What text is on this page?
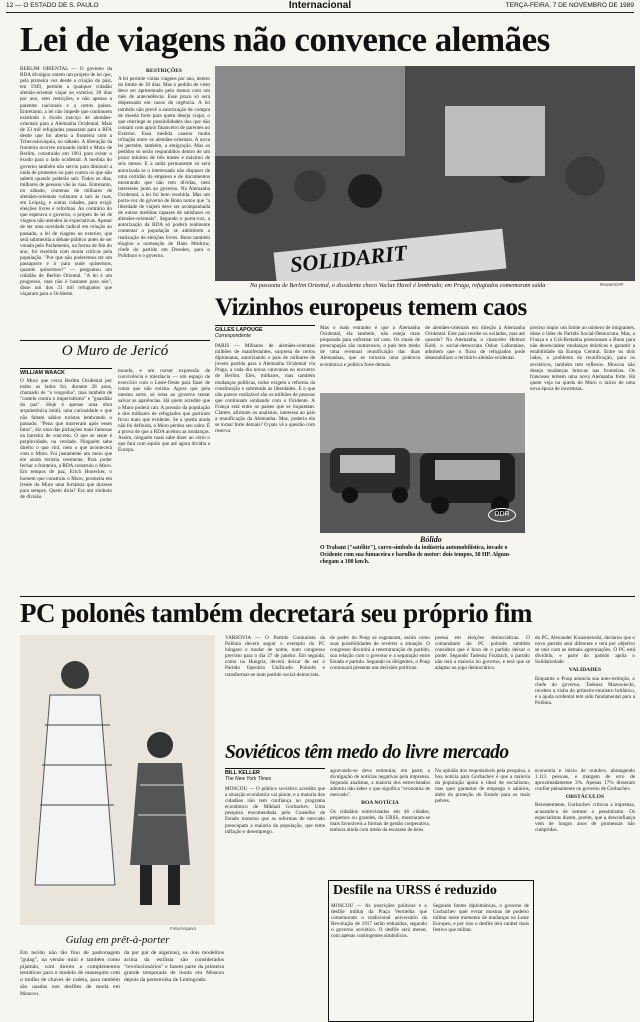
12 — O ESTADO DE S. PAULO	Internacional	TERÇA-FEIRA, 7 DE NOVEMBRO DE 1989
Lei de viagens não convence alemães
BERLIM ORIENTAL — O governo da RDA divulgou ontem um projeto de lei que, pela primeira vez desde a criação do país, em 1949, permite a qualquer cidadão alemão-oriental viajar ao exterior, 30 dias por ano, sem restrições, e não apenas a parentes nacionais e a certos países. Entretanto, a lei não impede que continuem existindo o êxodo maciço de alemães-orientais para a Alemanha Ocidental. Mais de 23 mil refugiados passaram para a RFA desde que foi aberta a fronteira com a Tchecoslováquia, no sábado. A liberação da fronteira ocorreu tornando inútil o Muro de Berlim, construído em 1961 para evitar o êxodo para o lado ocidental. A medida do governo também não serviu para diminuir a onda de protestos no país contra os que não sabem quando poderão sair. Todos os dias, milhares de pessoas vão às ruas. Entretanto, no sábado, centenas de milhares de alemães-orientais voltaram a sair às ruas, em Leipzig, e outras cidades, para exigir eleições livres e reformas. Ao contrário do que esperava o governo, o projeto de lei de viagens não atendeu às expectativas. Apesar de ser uma novidade radical em relação ao passado, a lei de viagens ao exterior, que será submetida a debate público antes de ser votada pelo Parlamento, na forma de fim do ano, foi recebida com muita críticas pela população. "Por que não poderemos ter um passaporte e ir para onde quisermos, quando quisermos?" — perguntou um cidadão de Berlim Oriental. "A lei é um progresso, mas não é bastante para nós", disse um dos 21 mil refugiados que viajaram para o Ocidente.
RESTRIÇÕES
A lei permite várias viagens por ano, dentro do limite de 30 dias. Mas o pedido de visto deve ser apresentado pelo menos com um mês de antecedência. Esse prazo só será dispensado em casos de urgência. A lei também não prevê a autorização de compra de moeda forte para quem deseja viajar, o que restringe as possibilidades dos que não contam com apoio financeiro de parentes no Exterior. Essa medida causou muita irritação entre os alemães-orientais. A nova lei permite, também, a emigração. Mas os pedidos só serão respondidos dentro de um prazo mínimo de três meses e máximo de seis meses. E a saída permanente só será autorizada se o interessado não dispuser de uma certidão da empresa e de documentos mostrando que não tem dívidas, nem interesses junto ao governo. Na Alemanha Ocidental, a lei foi bem recebida. Mas um porta-voz do governo de Bonn notou que "a liberdade de viajem deve ser acompanhada de outras medidas capazes de satisfazer os alemães-orientais". Segundo o porta-voz, a autorização da RDA só poderá realmente contentar a população se admitirem a realização de eleições livres. Bonn também elogiou a nomeação de Hans Modrow, chefe do partido em Dresden, para o Politburo e o governo.	SOLIDARIT
Reuters/AP
Na passeata de Berlim Oriental, o dissidente checo Vaclav Havel é lembrado; em Praga, refugiados comemoram saída
Vizinhos europeus temem caos
O Muro de Jericó
WILLIAM WAACK
O Muro que cerca Berlim Ocidental por todos os lados foi, durante 28 anos, chamado de "a vergonha", mas também de "castelo contra o imperialismo" e "guardião da paz". Hoje é apenas uma obra arquitetônica inútil, uma curiosidade e que não faltam sábios turistas lembrando o passado. "Pena que morreram após esses fatos", diz uma das pichações mais famosas na barreira de concreto. O que se sente é perplexidade, na verdade. Ninguém sabe direito o que virá, nem o que acontecerá com o Muro. Foi justamente um meio que ele ainda resistia veemente. Para poder fechar a fronteira, a RDA construiu o Muro. Em tempos de paz, Erich Honecker, o homem que construiu o Muro, prometia em frente do Muro uma fortaleza que durasse para sempre. Quem diria? Era um símbolo de divisão.
mundo, e um cursor expressão de convivência e tolerância — um espaço de exercício com o Leste-Oeste para fazer de conta que não existia. Agora que pela mesma sorte, só resta ao governo tentar salvar as aparências. Há quem acredite que o Muro poderá cair. A pressão da população e dos milhares de refugiados que partiram ficou mais que evidente. Se a queda ainda não foi definida, o Muro perdeu seu valor. É a prova de que a RDA aceitou as mudanças. Assim, ninguém mais sabe dizer ao certo o que fará com aquilo que até agora dividia a Europa.
GILLES LAPOUGE
Correspondente
PARIS — Milhares de alemães-orientais milhões de manifestantes, surpresa de certos diplomatas, autorizando o país de milhares de jovens partido para a Alemanha Ocidental via Praga, a cada dia novas caravanas no encontro de Berlim. Eles, milhares, mas também mudanças políticas, todos exigem a reforma da constituição e sobretudo as liberdades. E o que não parece realizável são os milhões de pessoas que continuam sonhando com o Ocidente. A França está entre os países que se inquietam. Clarete, afirmam os analistas, interessa ao país a reunificação da Alemanha. Mas, poderia ela se tornar forte demais? O país vê a questão com reserva.
Mas o mais estranho é que a Alemanha Ocidental, ela também, não esteja mais preparada para enfrentar tal caos. Os sinais de preocupação são numerosos, o país tem medo de uma eventual reunificação das duas Alemanhas, que se tornaria uma potência econômica e política forte demais.
de alemães-orientais em direção à Alemanha Ocidental. Este país recebe os exilados, mas até quando? Na Alemanha, o chanceler Helmut Kohl, o social-democrata Oskar Lafontaine, admitem que o fluxo de refugiados pode desestabilizar o território alemão-ocidental.
preciso impor um limite ao número de imigrantes, disse o líder do Partido Social-Democrata. Mas, a França e a Grã-Bretanha pressionam a Bonn para não desencadear mudanças drásticas e garantir a estabilidade da Europa Central. Entre os dois lados, o problema da reunificação, para os soviéticos, também tem reflexos. Moscou não deseja mudanças bruscas nas fronteiras. Os franceses temem uma nova Alemanha forte. Há quem veja na queda do Muro o início de uma nova época de incertezas.
DDR
Bólido
O Trabant ("satélite"), carro-símbolo da indústria automobilística, invade o Ocidente com sua fumaceira e barulho de motor: dois tempos, 30 HP. Alguns chegam a 100 km/h.
PC polonês também decretará seu próprio fim
Foto/Arquivo
Gulag em prêt-à-porter
Em tecido não tão fino de padronagem "gulag", na versão mini e também como pijamão, com direito a complementos temáticos para o modelo de manequim com o molho de chaves de cadeia, para também são usadas nos desfiles de moda em Moscou.
da por par de algemas), os dois modelitos acima da estilista são considerados "revolucionários" e fazem parte da primeira grande temporada de moda em Moscou depois da perestroika de Leningrado.
VARSÓVIA — O Partido Comunista da Polônia deverá seguir o exemplo do PC húngaro e mudar de nome, num congresso previsto para o dia 27 de janeiro. Em seguida, como na Hungria, deverá deixar de ser o Partido Operário Unificado Polonês e transformar-se num partido social-democrata.
de poder do Poup se esgotaram, assim como suas possibilidades de reverter a situação. O congresso discutirá a reestruturação do partido, sua relação com o governo e a separação entre Estado e partido. Segundo os dirigentes, o Poup continuará presente nas decisões políticas.
pressa em eleições democráticas. O comandante do PC polonês também considera que é hora de o partido deixar o poder. Segundo Tadeusz Fiszbach, o partido não terá a maioria no governo, e terá que se adaptar ao jogo democrático.
do PC, Alexander Kwasniewski, declarou que o novo partido será diferente e terá por objetivo se unir com as demais agremiações. O PC está dividido, e parte do partido apóia o Solidariedade.
VALIDADES
Enquanto o Poup anuncia sua auto-extinção, o chefe do governo, Tadeusz Mazowiecki, recebeu a visita do primeiro-ministro britânico, e a ajuda ocidental tem sido fundamental para a Polônia.
Soviéticos têm medo do livre mercado
BILL KELLER
The New York Times
MOSCOU — O público soviético acredita que a situação econômica vai piorar, e a maioria dos cidadãos não tem confiança no programa econômico de Mikhail Gorbachev. Uma pesquisa encomendada pelo Conselho de Estado mostrou que as reformas de mercado preocupam a maioria da população, que teme inflação e desemprego.
agravando-se deve estimular, em parte, a divulgação de notícias negativas pela imprensa. Segundo analistas, a maioria dos entrevistados admitiu não saber o que significa "economia de mercado".
BOA NOTÍCIA
Os cidadãos entrevistados em 46 cidades, pequenos ou grandes, da URSS, mostraram-se mais favoráveis a formas de gestão cooperativa, embora ainda com medo da escassez de bens.
Na opinião dos responsáveis pela pesquisa, a boa notícia para Gorbachev é que a maioria da população apoia o ideal de socialismo, mas quer garantias de emprego e salários, além da proteção do Estado para os mais pobres.
economia e início de outubro, abrangendo 1.113 pessoas, e margem de erro de aproximadamente 3%. Apenas 17% disseram confiar plenamente no governo de Gorbachev.
OBSTÁCULOS
Recentemente, Gorbachev criticou a imprensa, acusando-a de semear o pessimismo. Os especialistas dizem, porém, que a desconfiança vem de longos anos de promessas não cumpridas.
Desfile na URSS é reduzido
MOSCOU — As inscrições políticas e o desfile militar da Praça Vermelha que comemoram o tradicional aniversário da Revolução de 1917 serão reduzidos, segundo o governo soviético. O desfile será menor, com apenas contingentes simbólicos.
Segundo fontes diplomáticas, o governo de Gorbachev quer evitar mostras de poderio militar neste momento de mudanças no Leste Europeu, e por isso o desfile terá caráter mais festivo que militar.
